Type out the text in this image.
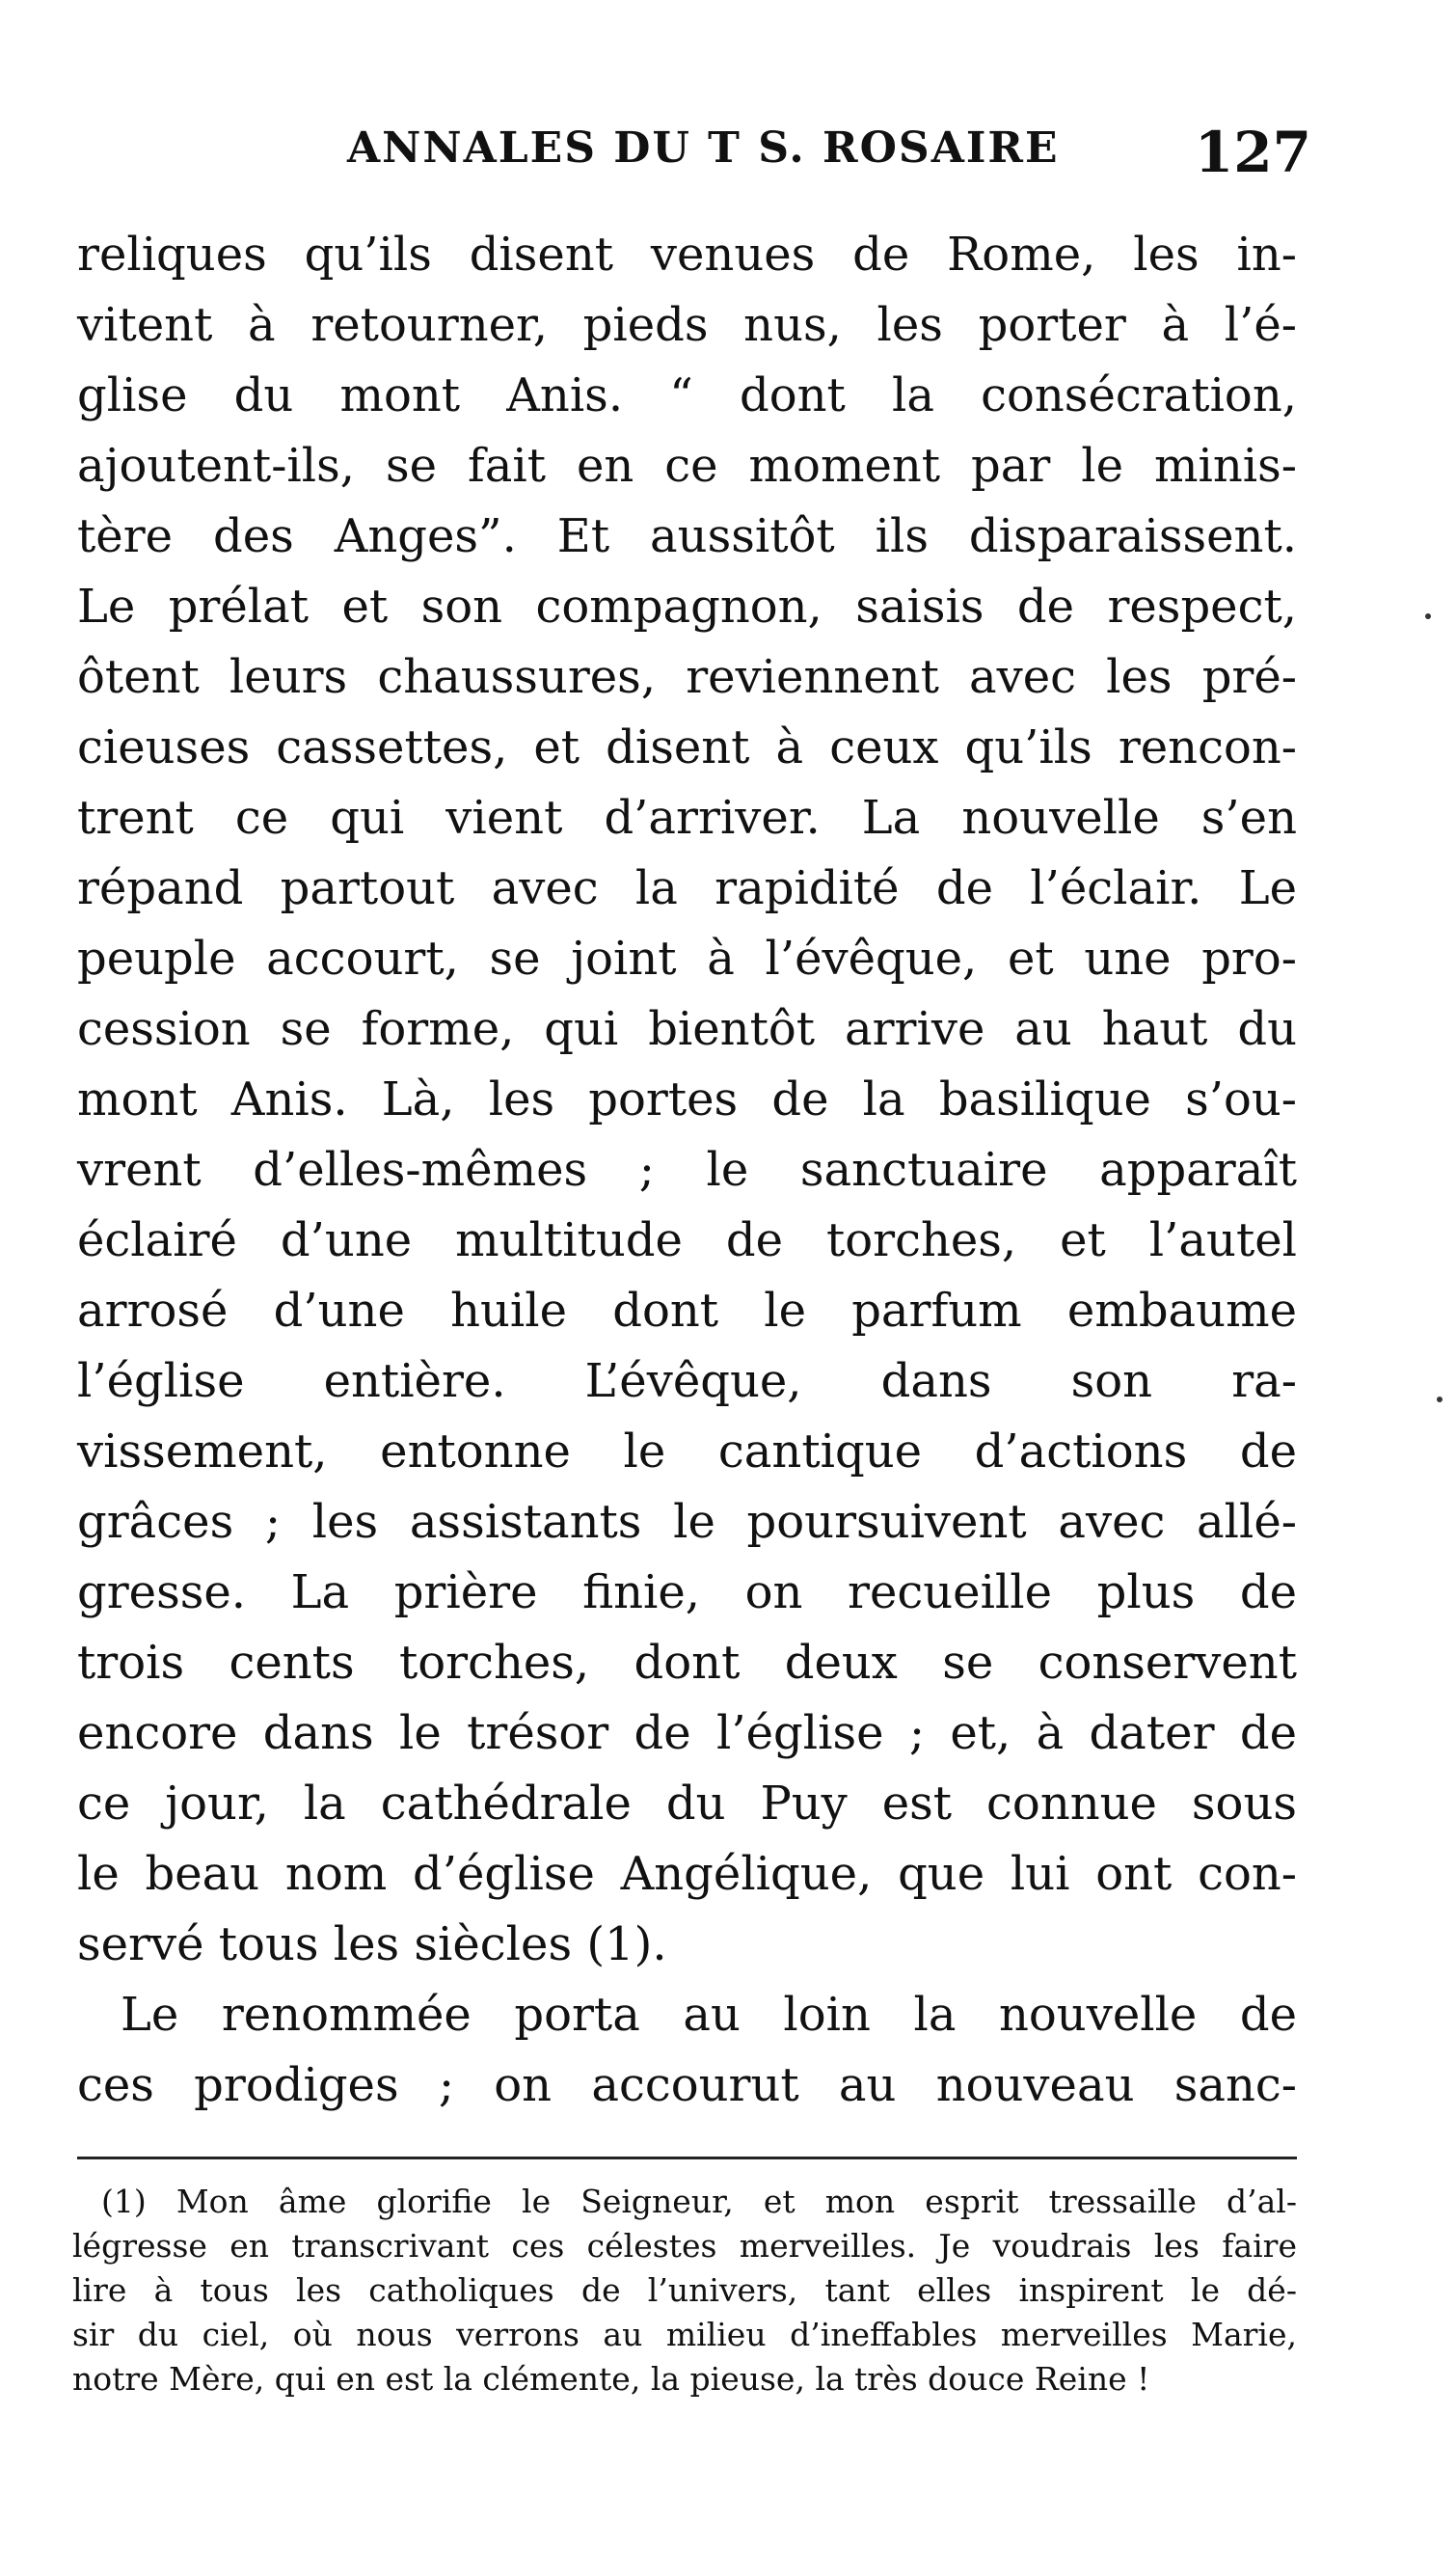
ANNALES DU T S. ROSAIRE 127
reliques qu’ils disent venues de Rome, les in-
vitent à retourner, pieds nus, les porter à l’é-
glise du mont Anis. “ dont la consécration,
ajoutent-ils, se fait en ce moment par le minis-
tère des Anges”. Et aussitôt ils disparaissent.
Le prélat et son compagnon, saisis de respect,
ôtent leurs chaussures, reviennent avec les pré-
cieuses cassettes, et disent à ceux qu’ils rencon-
trent ce qui vient d’arriver. La nouvelle s’en
répand partout avec la rapidité de l’éclair. Le
peuple accourt, se joint à l’évêque, et une pro-
cession se forme, qui bientôt arrive au haut du
mont Anis. Là, les portes de la basilique s’ou-
vrent d’elles-mêmes ; le sanctuaire apparaît
éclairé d’une multitude de torches, et l’autel
arrosé d’une huile dont le parfum embaume
l’église entière. L’évêque, dans son ra-
vissement, entonne le cantique d’actions de
grâces ; les assistants le poursuivent avec allé-
gresse. La prière finie, on recueille plus de
trois cents torches, dont deux se conservent
encore dans le trésor de l’église ; et, à dater de
ce jour, la cathédrale du Puy est connue sous
le beau nom d’église Angélique, que lui ont con-
servé tous les siècles (1).
Le renommée porta au loin la nouvelle de
ces prodiges ; on accourut au nouveau sanc-
(1) Mon âme glorifie le Seigneur, et mon esprit tressaille d’al-
légresse en transcrivant ces célestes merveilles. Je voudrais les faire
lire à tous les catholiques de l’univers, tant elles inspirent le dé-
sir du ciel, où nous verrons au milieu d’ineffables merveilles Marie,
notre Mère, qui en est la clémente, la pieuse, la très douce Reine !
